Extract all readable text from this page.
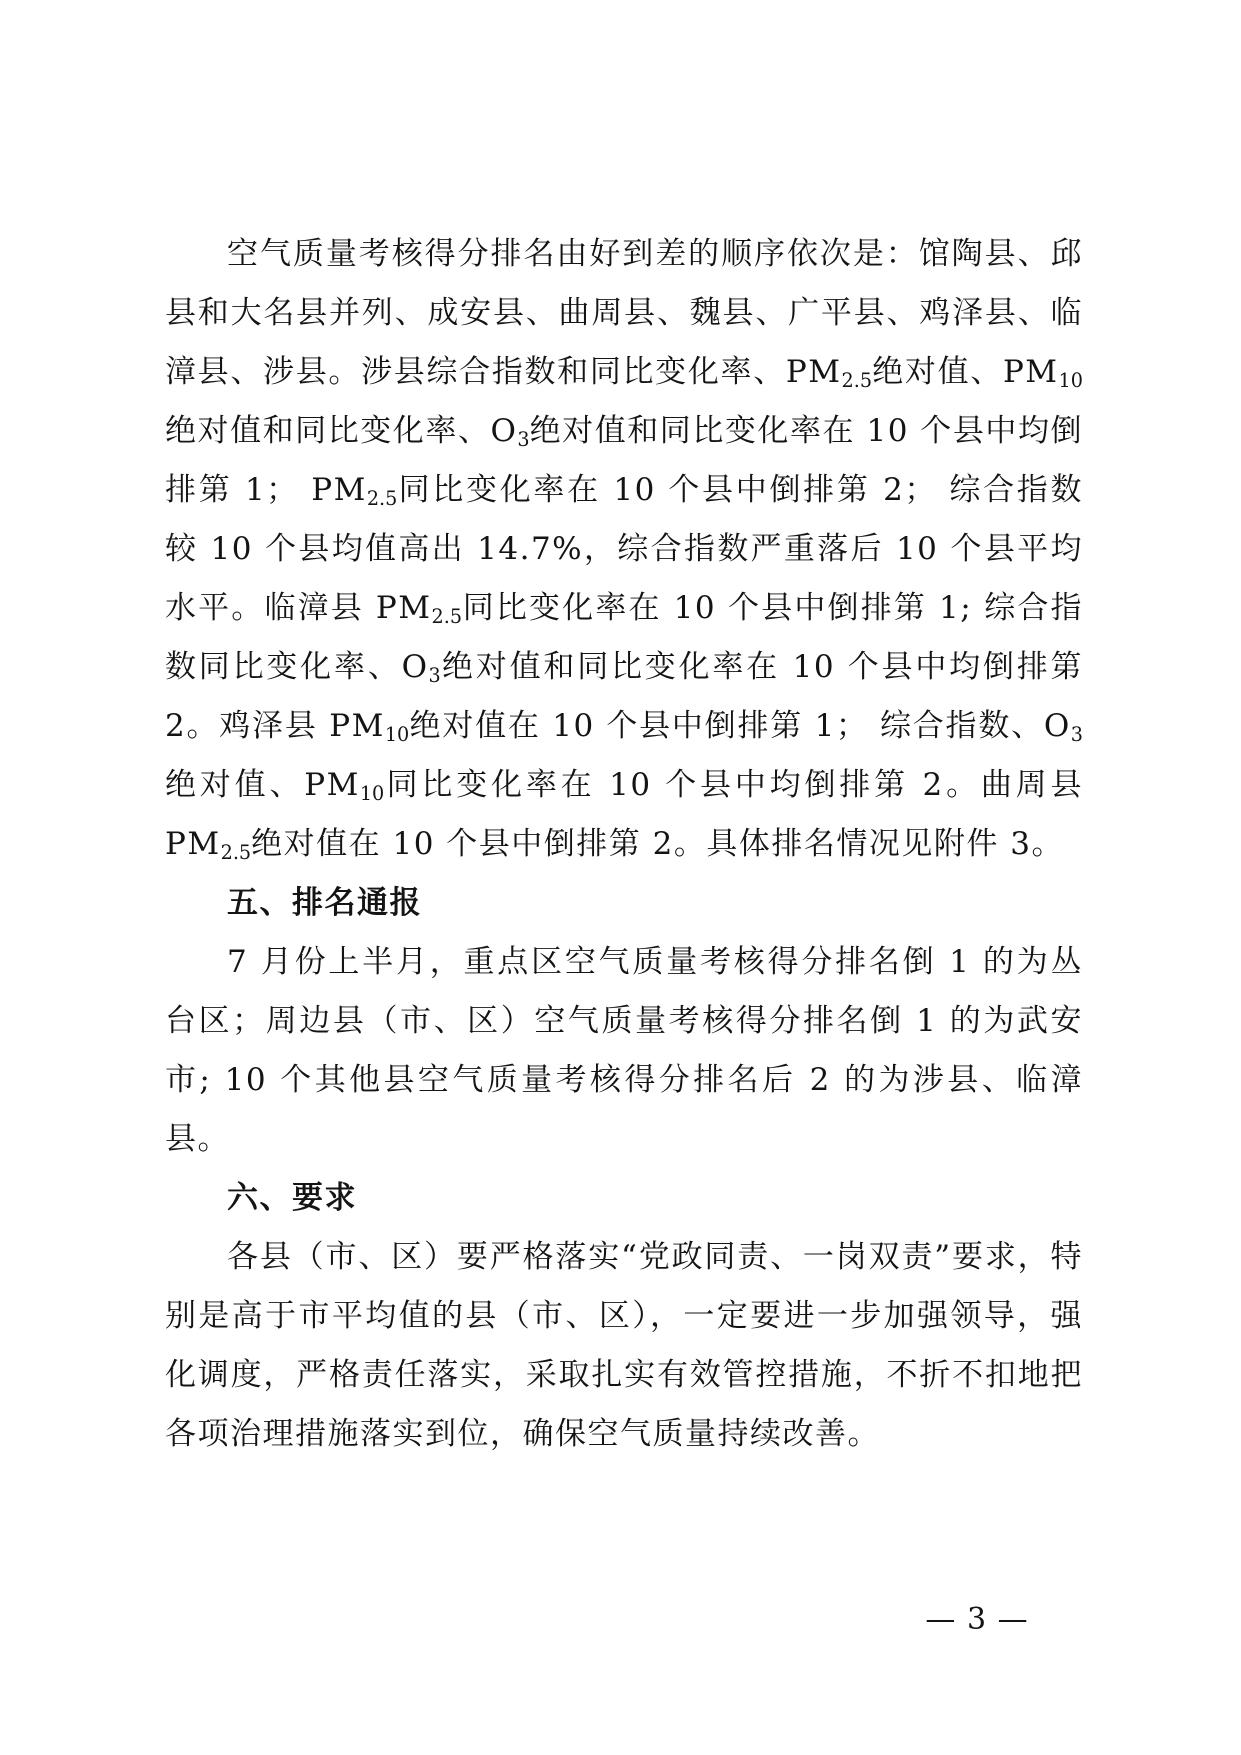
空气质量考核得分排名由好到差的顺序依次是：馆陶县、邱县和大名县并列、成安县、曲周县、魏县、广平县、鸡泽县、临漳县、涉县。涉县综合指数和同比变化率、$PM_{2.5}$绝对值、$PM_{10}$绝对值和同比变化率、$O_3$绝对值和同比变化率在 10 个县中均倒排第 1； $PM_{2.5}$同比变化率在 10 个县中倒排第 2； 综合指数较 10 个县均值高出 14.7%，综合指数严重落后 10 个县平均水平。临漳县 $PM_{2.5}$同比变化率在 10 个县中倒排第 1; 综合指数同比变化率、$O_3$绝对值和同比变化率在 10 个县中均倒排第 2。鸡泽县 $PM_{10}$绝对值在 10 个县中倒排第 1； 综合指数、$O_3$绝对值、$PM_{10}$同比变化率在 10 个县中均倒排第 2。曲周县 $PM_{2.5}$绝对值在 10 个县中倒排第 2。具体排名情况见附件 3。

五、排名通报

7 月份上半月，重点区空气质量考核得分排名倒 1 的为丛台区；周边县（市、区）空气质量考核得分排名倒 1 的为武安市; 10 个其他县空气质量考核得分排名后 2 的为涉县、临漳县。

六、要求

各县（市、区）要严格落实“党政同责、一岗双责”要求，特别是高于市平均值的县（市、区），一定要进一步加强领导，强化调度，严格责任落实，采取扎实有效管控措施，不折不扣地把各项治理措施落实到位，确保空气质量持续改善。

— 3 —
